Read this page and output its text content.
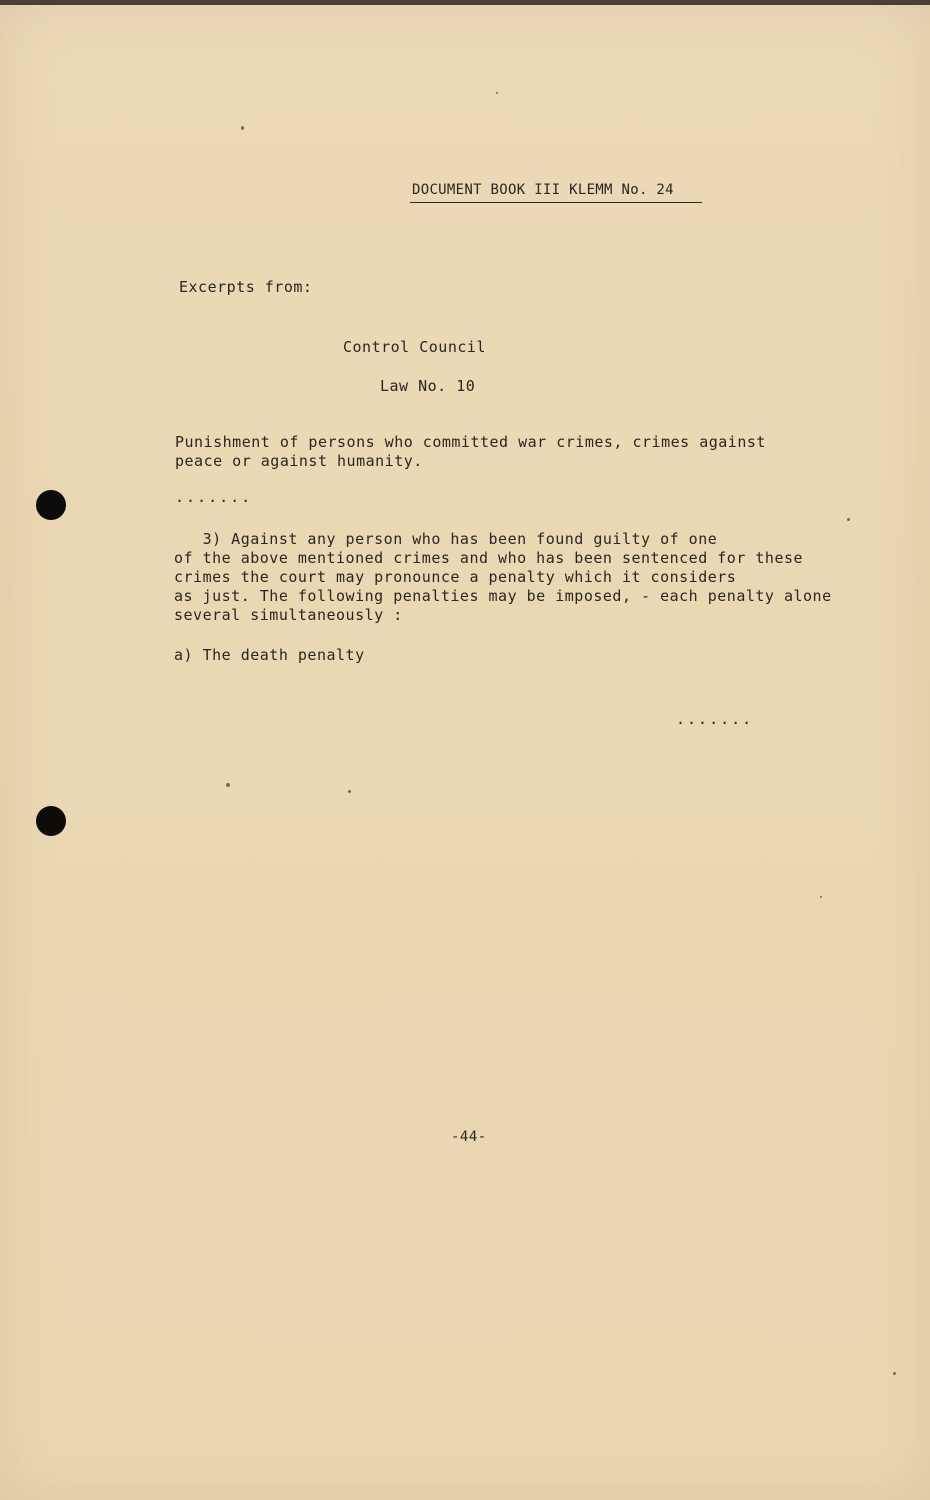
DOCUMENT BOOK III KLEMM No. 24
Excerpts from:
Control Council
Law No. 10
Punishment of persons who committed war crimes, crimes against
peace or against humanity.
.......
3) Against any person who has been found guilty of one
of the above mentioned crimes and who has been sentenced for these
crimes the court may pronounce a penalty which it considers
as just. The following penalties may be imposed, - each penalty alone
several simultaneously :
a) The death penalty
.......
-44-
